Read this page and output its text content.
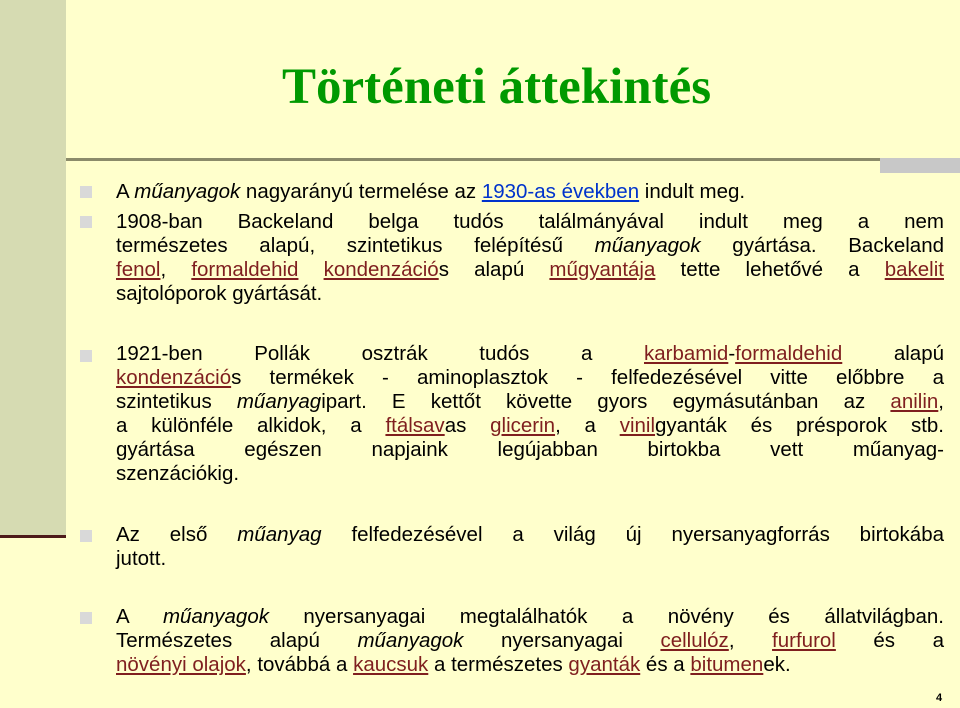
Történeti áttekintés
A műanyagok nagyarányú termelése az 1930-as években indult meg.
1908-ban Backeland belga tudós találmányával indult meg a nem
természetes alapú, szintetikus felépítésű műanyagok gyártása. Backeland
fenol, formaldehid kondenzációs alapú műgyantája tette lehetővé a bakelit
sajtolóporok gyártását.
1921-ben Pollák osztrák tudós a karbamid-formaldehid alapú
kondenzációs termékek - aminoplasztok - felfedezésével vitte előbbre a
szintetikus műanyagipart. E kettőt követte gyors egymásutánban az anilin,
a különféle alkidok, a ftálsavas glicerin, a vinilgyanták és présporok stb.
gyártása egészen napjaink legújabban birtokba vett műanyag-
szenzációkig.
Az első műanyag felfedezésével a világ új nyersanyagforrás birtokába
jutott.
A műanyagok nyersanyagai megtalálhatók a növény és állatvilágban.
Természetes alapú műanyagok nyersanyagai cellulóz, furfurol és a
növényi olajok, továbbá a kaucsuk a természetes gyanták és a bitumenek.
4
